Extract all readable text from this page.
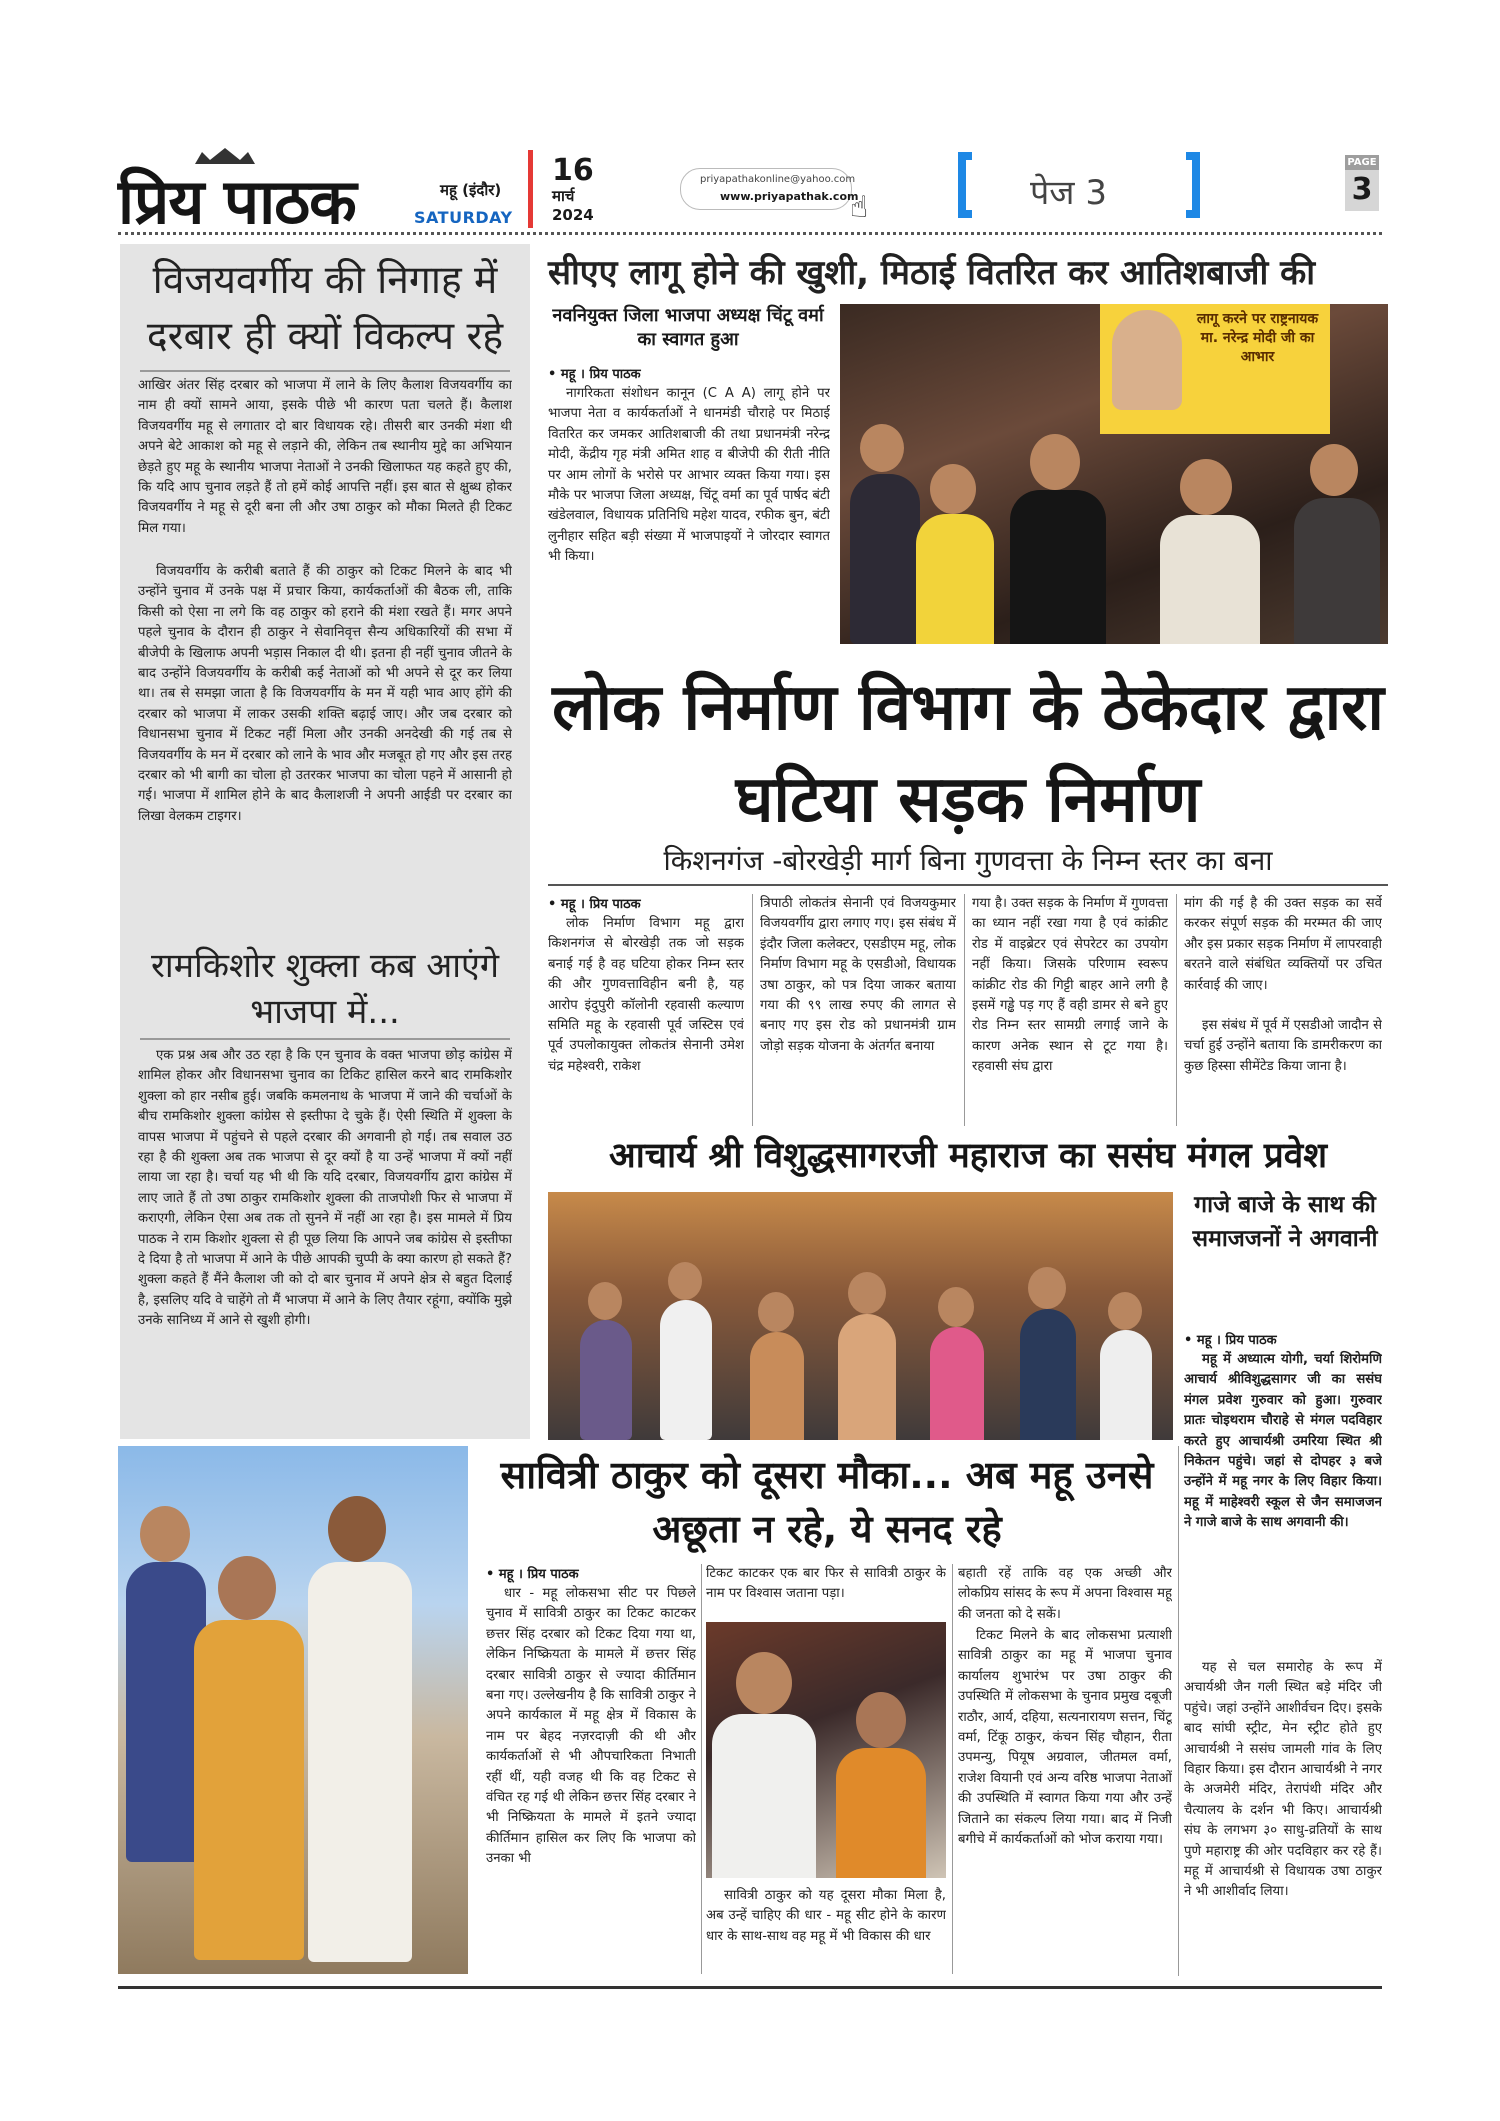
प्रिय पाठक	महू (इंदौर)
SATURDAY
16
मार्च
2024
priyapathakonline@yahoo.com
www.priyapathak.com
☝	पेज 3
PAGE
3
विजयवर्गीय की निगाह में दरबार ही क्यों विकल्प रहे
आखिर अंतर सिंह दरबार को भाजपा में लाने के लिए कैलाश विजयवर्गीय का नाम ही क्यों सामने आया, इसके पीछे भी कारण पता चलते हैं। कैलाश विजयवर्गीय महू से लगातार दो बार विधायक रहे। तीसरी बार उनकी मंशा थी अपने बेटे आकाश को महू से लड़ाने की, लेकिन तब स्थानीय मुद्दे का अभियान छेड़ते हुए महू के स्थानीय भाजपा नेताओं ने उनकी खिलाफत यह कहते हुए की, कि यदि आप चुनाव लड़ते हैं तो हमें कोई आपत्ति नहीं। इस बात से क्षुब्ध होकर विजयवर्गीय ने महू से दूरी बना ली और उषा ठाकुर को मौका मिलते ही टिकट मिल गया।
विजयवर्गीय के करीबी बताते हैं की ठाकुर को टिकट मिलने के बाद भी उन्होंने चुनाव में उनके पक्ष में प्रचार किया, कार्यकर्ताओं की बैठक ली, ताकि किसी को ऐसा ना लगे कि वह ठाकुर को हराने की मंशा रखते हैं। मगर अपने पहले चुनाव के दौरान ही ठाकुर ने सेवानिवृत्त सैन्य अधिकारियों की सभा में बीजेपी के खिलाफ अपनी भड़ास निकाल दी थी। इतना ही नहीं चुनाव जीतने के बाद उन्होंने विजयवर्गीय के करीबी कई नेताओं को भी अपने से दूर कर लिया था। तब से समझा जाता है कि विजयवर्गीय के मन में यही भाव आए होंगे की दरबार को भाजपा में लाकर उसकी शक्ति बढ़ाई जाए। और जब दरबार को विधानसभा चुनाव में टिकट नहीं मिला और उनकी अनदेखी की गई तब से विजयवर्गीय के मन में दरबार को लाने के भाव और मजबूत हो गए और इस तरह दरबार को भी बागी का चोला हो उतरकर भाजपा का चोला पहने में आसानी हो गई। भाजपा में शामिल होने के बाद कैलाशजी ने अपनी आईडी पर दरबार का लिखा वेलकम टाइगर।
रामकिशोर शुक्ला कब आएंगे भाजपा में...
एक प्रश्न अब और उठ रहा है कि एन चुनाव के वक्त भाजपा छोड़ कांग्रेस में शामिल होकर और विधानसभा चुनाव का टिकिट हासिल करने बाद रामकिशोर शुक्ला को हार नसीब हुई। जबकि कमलनाथ के भाजपा में जाने की चर्चाओं के बीच रामकिशोर शुक्ला कांग्रेस से इस्तीफा दे चुके हैं। ऐसी स्थिति में शुक्ला के वापस भाजपा में पहुंचने से पहले दरबार की अगवानी हो गई। तब सवाल उठ रहा है की शुक्ला अब तक भाजपा से दूर क्यों है या उन्हें भाजपा में क्यों नहीं लाया जा रहा है। चर्चा यह भी थी कि यदि दरबार, विजयवर्गीय द्वारा कांग्रेस में लाए जाते हैं तो उषा ठाकुर रामकिशोर शुक्ला की ताजपोशी फिर से भाजपा में कराएगी, लेकिन ऐसा अब तक तो सुनने में नहीं आ रहा है। इस मामले में प्रिय पाठक ने राम किशोर शुक्ला से ही पूछ लिया कि आपने जब कांग्रेस से इस्तीफा दे दिया है तो भाजपा में आने के पीछे आपकी चुप्पी के क्या कारण हो सकते हैं? शुक्ला कहते हैं मैंने कैलाश जी को दो बार चुनाव में अपने क्षेत्र से बहुत दिलाई है, इसलिए यदि वे चाहेंगे तो मैं भाजपा में आने के लिए तैयार रहूंगा, क्योंकि मुझे उनके सानिध्य में आने से खुशी होगी।
सीएए लागू होने की खुशी, मिठाई वितरित कर आतिशबाजी की
नवनियुक्त जिला भाजपा अध्यक्ष चिंटू वर्मा का स्वागत हुआ
• महू । प्रिय पाठक
नागरिकता संशोधन कानून (C A A) लागू होने पर भाजपा नेता व कार्यकर्ताओं ने धानमंडी चौराहे पर मिठाई वितरित कर जमकर आतिशबाजी की तथा प्रधानमंत्री नरेन्द्र मोदी, केंद्रीय गृह मंत्री अमित शाह व बीजेपी की रीती नीति पर आम लोगों के भरोसे पर आभार व्यक्त किया गया। इस मौके पर भाजपा जिला अध्यक्ष, चिंटू वर्मा का पूर्व पार्षद बंटी खंडेलवाल, विधायक प्रतिनिधि महेश यादव, रफीक बुन, बंटी लुनीहार सहित बड़ी संख्या में भाजपाइयों ने जोरदार स्वागत भी किया।
लागू करने पर राष्ट्रनायक मा. नरेन्द्र मोदी जी का आभार
लोक निर्माण विभाग के ठेकेदार द्वारा घटिया सड़क निर्माण
किशनगंज -बोरखेड़ी मार्ग बिना गुणवत्ता के निम्न स्तर का बना
• महू । प्रिय पाठक
लोक निर्माण विभाग महू द्वारा किशनगंज से बोरखेड़ी तक जो सड़क बनाई गई है वह घटिया होकर निम्न स्तर की और गुणवत्ताविहीन बनी है, यह आरोप इंदुपुरी कॉलोनी रहवासी कल्याण समिति महू के रहवासी पूर्व जस्टिस एवं पूर्व उपलोकायुक्त लोकतंत्र सेनानी उमेश चंद्र महेश्वरी, राकेश
त्रिपाठी लोकतंत्र सेनानी एवं विजयकुमार विजयवर्गीय द्वारा लगाए गए। इस संबंध में इंदौर जिला कलेक्टर, एसडीएम महू, लोक निर्माण विभाग महू के एसडीओ, विधायक उषा ठाकुर, को पत्र दिया जाकर बताया गया की ९९ लाख रुपए की लागत से बनाए गए इस रोड को प्रधानमंत्री ग्राम जोड़ो सड़क योजना के अंतर्गत बनाया
गया है। उक्त सड़क के निर्माण में गुणवत्ता का ध्यान नहीं रखा गया है एवं कांक्रीट रोड में वाइब्रेटर एवं सेपरेटर का उपयोग नहीं किया। जिसके परिणाम स्वरूप कांक्रीट रोड की गिट्टी बाहर आने लगी है इसमें गड्ढे पड़ गए हैं वही डामर से बने हुए रोड निम्न स्तर सामग्री लगाई जाने के कारण अनेक स्थान से टूट गया है। रहवासी संघ द्वारा
मांग की गई है की उक्त सड़क का सर्वे करकर संपूर्ण सड़क की मरम्मत की जाए और इस प्रकार सड़क निर्माण में लापरवाही बरतने वाले संबंधित व्यक्तियों पर उचित कार्रवाई की जाए।
इस संबंध में पूर्व में एसडीओ जादौन से चर्चा हुई उन्होंने बताया कि डामरीकरण का कुछ हिस्सा सीमेंटेड किया जाना है।
आचार्य श्री विशुद्धसागरजी महाराज का ससंघ मंगल प्रवेश
गाजे बाजे के साथ की समाजजनों ने अगवानी
• महू । प्रिय पाठक
महू में अध्यात्म योगी, चर्या शिरोमणि आचार्य श्रीविशुद्धसागर जी का ससंघ मंगल प्रवेश गुरुवार को हुआ। गुरुवार प्रातः चोइथराम चौराहे से मंगल पदविहार करते हुए आचार्यश्री उमरिया स्थित श्री निकेतन पहुंचे। जहां से दोपहर ३ बजे उन्होंने में महू नगर के लिए विहार किया। महू में माहेश्वरी स्कूल से जैन समाजजन ने गाजे बाजे के साथ अगवानी की।
यह से चल समारोह के रूप में अचार्यश्री जैन गली स्थित बड़े मंदिर जी पहुंचे। जहां उन्होंने आशीर्वचन दिए। इसके बाद सांघी स्ट्रीट, मेन स्ट्रीट होते हुए आचार्यश्री ने ससंघ जामली गांव के लिए विहार किया। इस दौरान आचार्यश्री ने नगर के अजमेरी मंदिर, तेरापंथी मंदिर और चैत्यालय के दर्शन भी किए। आचार्यश्री संघ के लगभग ३० साधु-व्रतियों के साथ पुणे महाराष्ट्र की ओर पदविहार कर रहे हैं। महू में आचार्यश्री से विधायक उषा ठाकुर ने भी आशीर्वाद लिया।
सावित्री ठाकुर को दूसरा मौका... अब महू उनसे अछूता न रहे, ये सनद रहे
• महू । प्रिय पाठक
धार - महू लोकसभा सीट पर पिछले चुनाव में सावित्री ठाकुर का टिकट काटकर छत्तर सिंह दरबार को टिकट दिया गया था, लेकिन निष्क्रियता के मामले में छत्तर सिंह दरबार सावित्री ठाकुर से ज्यादा कीर्तिमान बना गए। उल्लेखनीय है कि सावित्री ठाकुर ने अपने कार्यकाल में महू क्षेत्र में विकास के नाम पर बेहद नज़रदाज़ी की थी और कार्यकर्ताओं से भी औपचारिकता निभाती रहीं थीं, यही वजह थी कि वह टिकट से वंचित रह गई थी लेकिन छत्तर सिंह दरबार ने भी निष्क्रियता के मामले में इतने ज्यादा कीर्तिमान हासिल कर लिए कि भाजपा को उनका भी
टिकट काटकर एक बार फिर से सावित्री ठाकुर के नाम पर विश्वास जताना पड़ा।
सावित्री ठाकुर को यह दूसरा मौका मिला है, अब उन्हें चाहिए की धार - महू सीट होने के कारण धार के साथ-साथ वह महू में भी विकास की धार
बहाती रहें ताकि वह एक अच्छी और लोकप्रिय सांसद के रूप में अपना विश्वास महू की जनता को दे सकें।
टिकट मिलने के बाद लोकसभा प्रत्याशी सावित्री ठाकुर का महू में भाजपा चुनाव कार्यालय शुभारंभ पर उषा ठाकुर की उपस्थिति में लोकसभा के चुनाव प्रमुख दबूजी राठौर, आर्य, दहिया, सत्यनारायण सत्तन, चिंटू वर्मा, टिंकू ठाकुर, कंचन सिंह चौहान, रीता उपमन्यु, पियूष अग्रवाल, जीतमल वर्मा, राजेश वियानी एवं अन्य वरिष्ठ भाजपा नेताओं की उपस्थिति में स्वागत किया गया और उन्हें जिताने का संकल्प लिया गया। बाद में निजी बगीचे में कार्यकर्ताओं को भोज कराया गया।
